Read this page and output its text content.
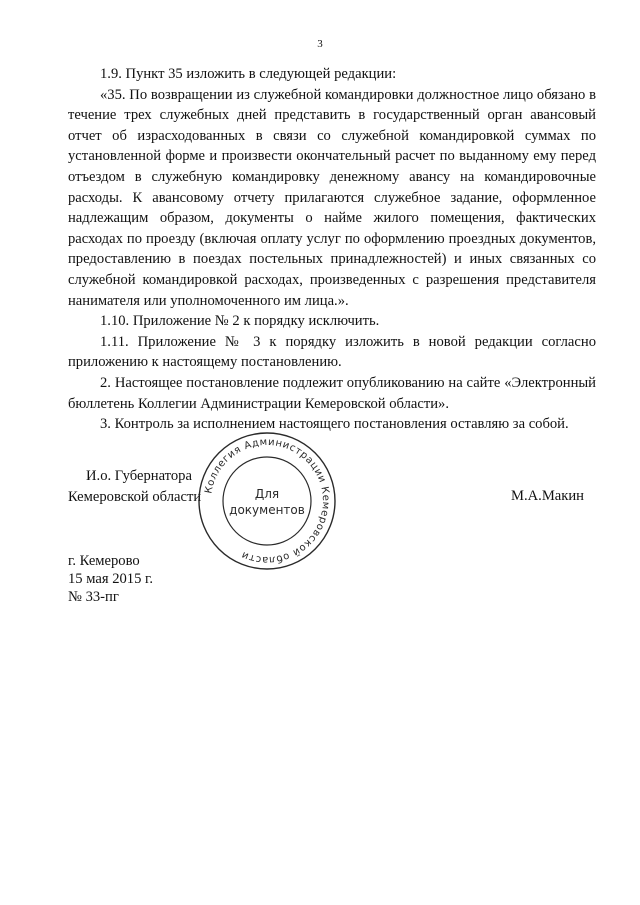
3

1.9. Пункт 35 изложить в следующей редакции:

«35. По возвращении из служебной командировки должностное лицо обязано в течение трех служебных дней представить в государственный орган авансовый отчет об израсходованных в связи со служебной командировкой суммах по установленной форме и произвести окончательный расчет по выданному ему перед отъездом в служебную командировку денежному авансу на командировочные расходы. К авансовому отчету прилагаются служебное задание, оформленное надлежащим образом, документы о найме жилого помещения, фактических расходах по проезду (включая оплату услуг по оформлению проездных документов, предоставлению в поездах постельных принадлежностей) и иных связанных со служебной командировкой расходах, произведенных с разрешения представителя нанимателя или уполномоченного им лица.».

1.10. Приложение № 2 к порядку исключить.

1.11. Приложение № 3 к порядку изложить в новой редакции согласно приложению к настоящему постановлению.

2. Настоящее постановление подлежит опубликованию на сайте «Электронный бюллетень Коллегии Администрации Кемеровской области».

3. Контроль за исполнением настоящего постановления оставляю за собой.

И.о. Губернатора
Кемеровской области Коллегия Администрации Кемеровской области
Для
документов
М.А.Макин
г. Кемерово
15 мая 2015 г.
№ 33-пг
